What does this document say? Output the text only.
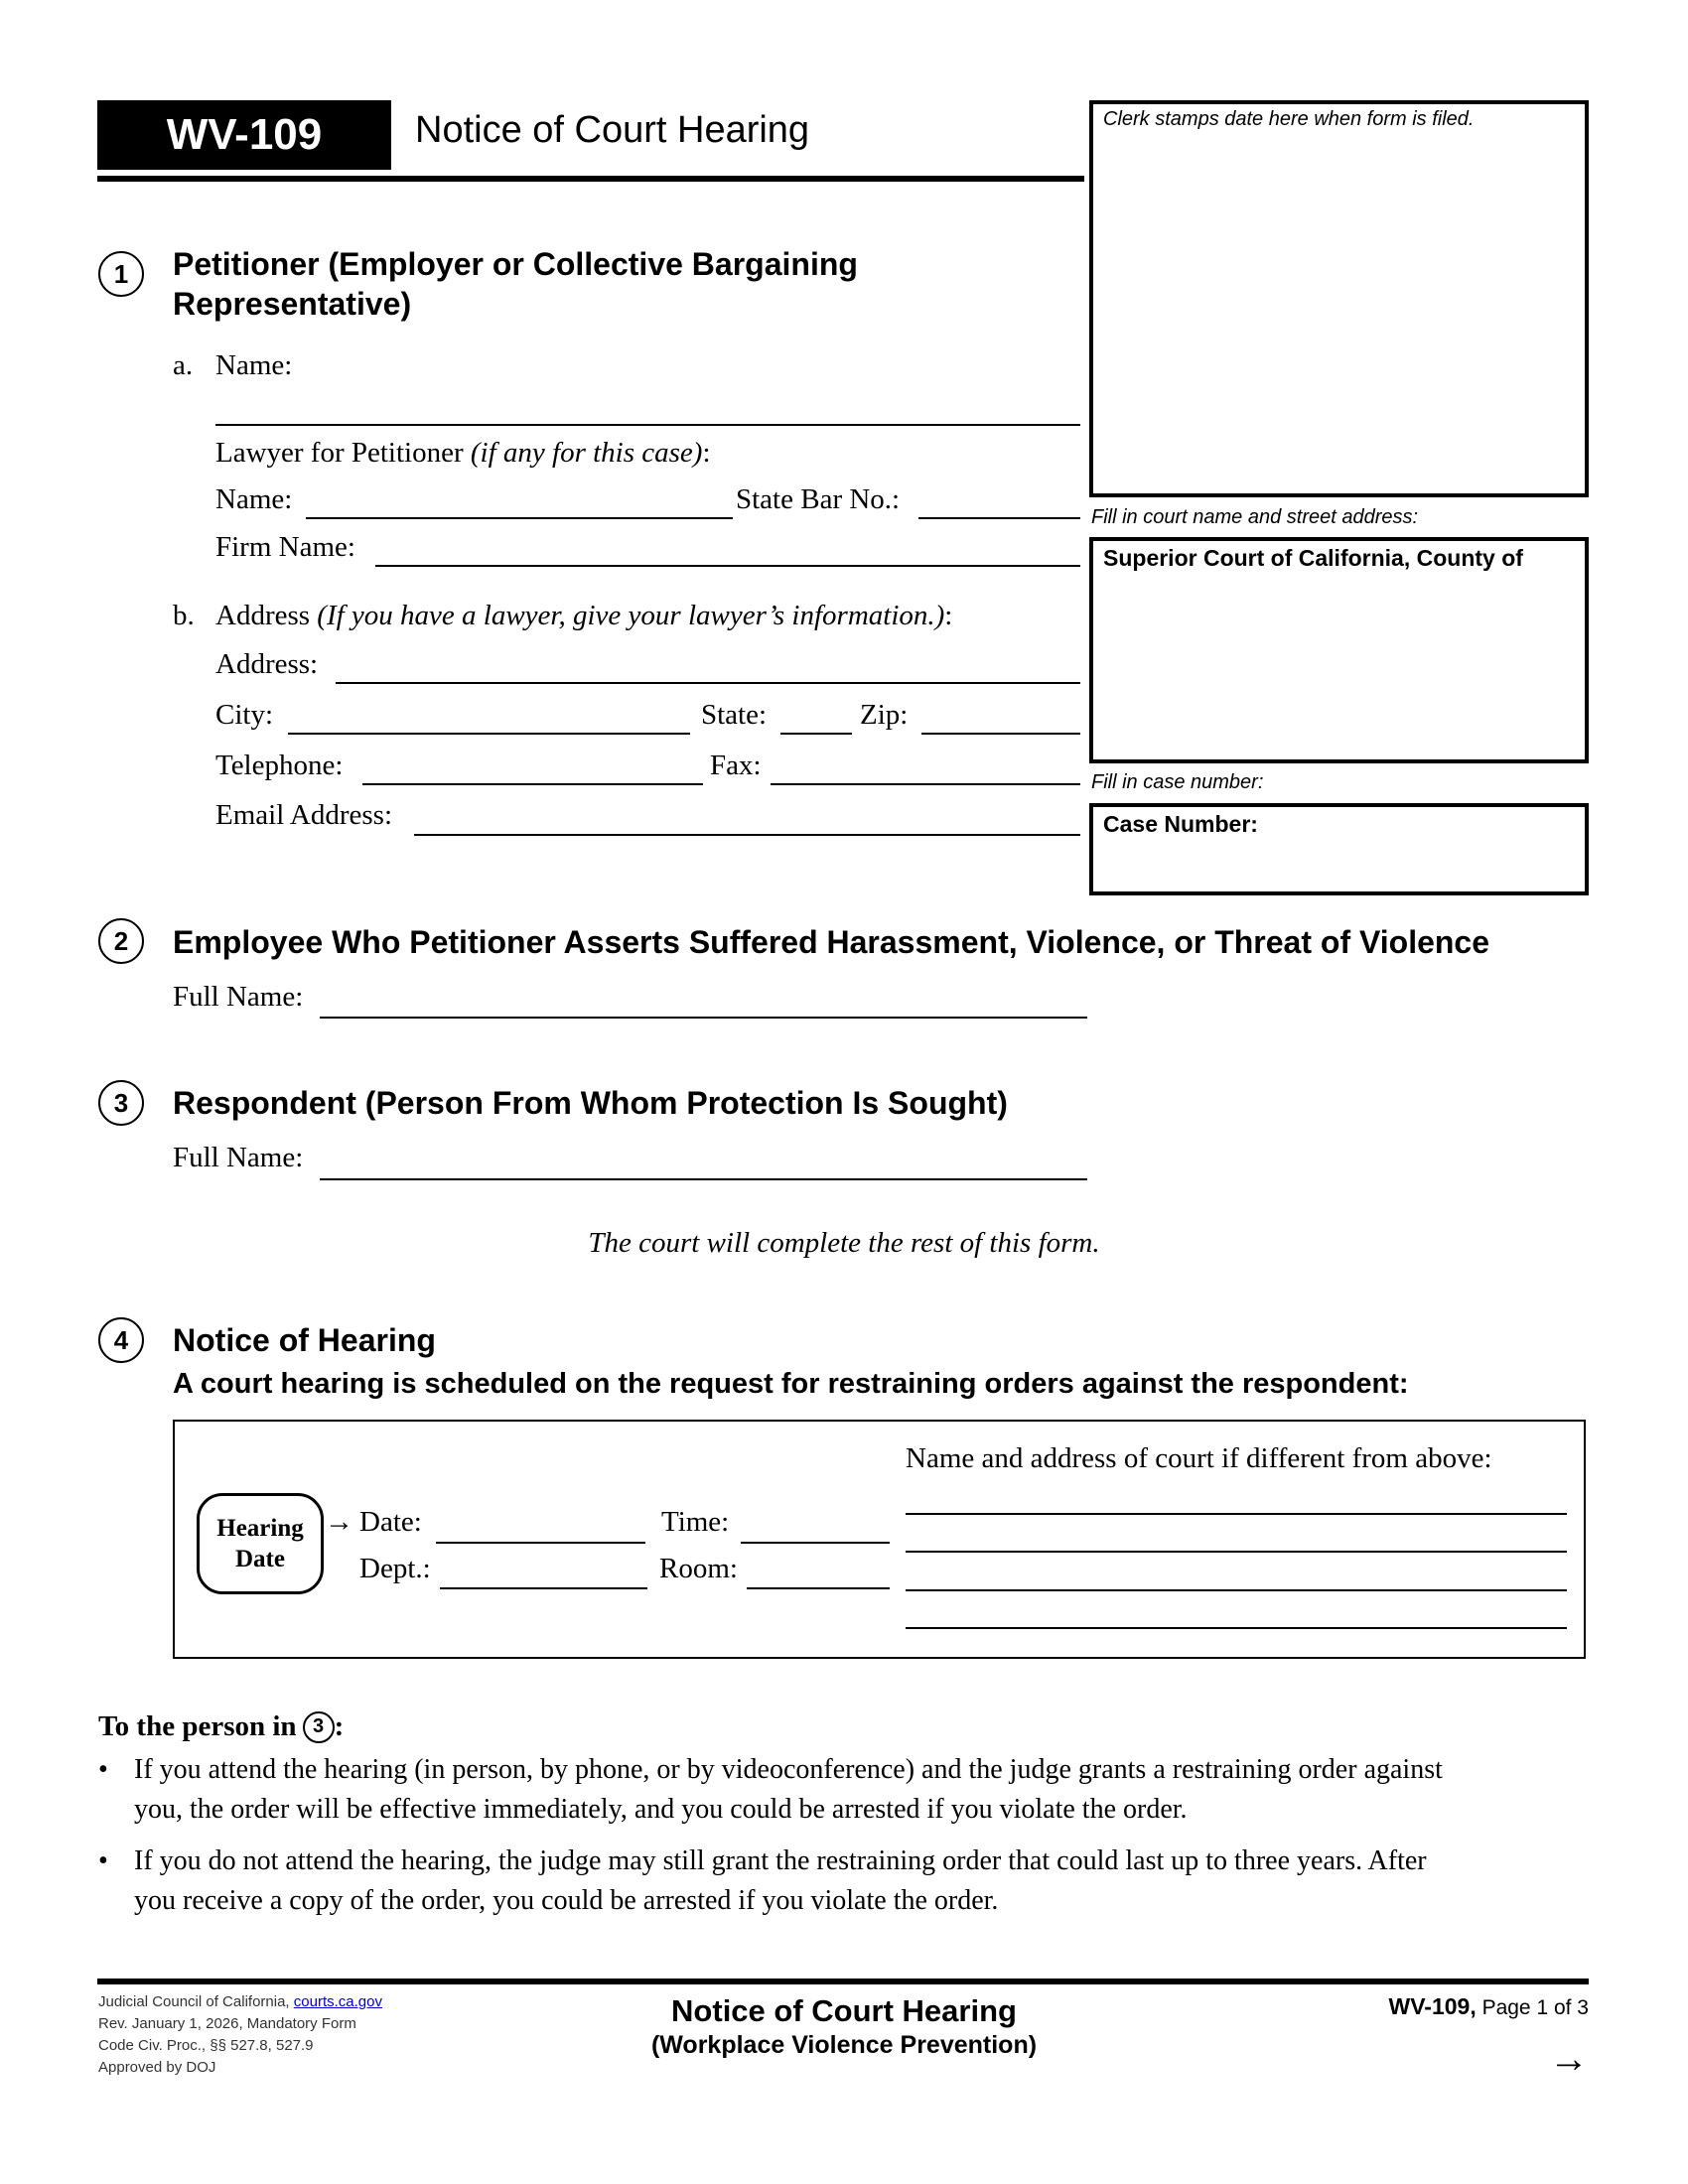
WV-109 Notice of Court Hearing	Clerk stamps date here when form is filed.
Fill in court name and street address:
Superior Court of California, County of
Fill in case number:
Case Number:
1 Petitioner (Employer or Collective Bargaining
Representative)
a. Name:
Lawyer for Petitioner (if any for this case):
Name:	State Bar No.:
Firm Name:
b. Address (If you have a lawyer, give your lawyer’s information.):
Address:
City:	State:	Zip:
Telephone:	Fax:
Email Address:
2 Employee Who Petitioner Asserts Suffered Harassment, Violence, or Threat of Violence
Full Name:
3 Respondent (Person From Whom Protection Is Sought)
Full Name:
The court will complete the rest of this form.
4 Notice of Hearing
A court hearing is scheduled on the request for restraining orders against the respondent:
Hearing
Date
→ Date:	Time:
Dept.:	Room:
Name and address of court if different from above:
To the person in 3 :
• If you attend the hearing (in person, by phone, or by videoconference) and the judge grants a restraining order against
you, the order will be effective immediately, and you could be arrested if you violate the order.
• If you do not attend the hearing, the judge may still grant the restraining order that could last up to three years. After
you receive a copy of the order, you could be arrested if you violate the order.
Judicial Council of California, courts.ca.gov
Rev. January 1, 2026, Mandatory Form
Code Civ. Proc., §§ 527.8, 527.9
Approved by DOJ
Notice of Court Hearing
(Workplace Violence Prevention)
WV-109, Page 1 of 3
→
